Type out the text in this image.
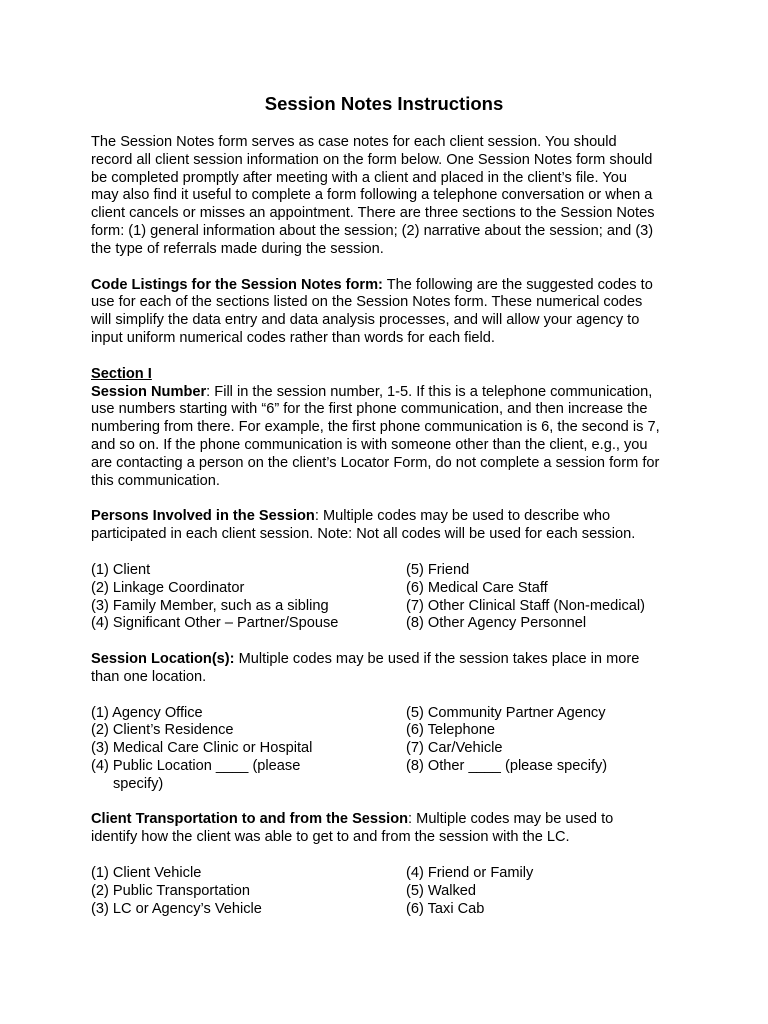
Session Notes Instructions
The Session Notes form serves as case notes for each client session. You should
record all client session information on the form below. One Session Notes form should
be completed promptly after meeting with a client and placed in the client’s file. You
may also find it useful to complete a form following a telephone conversation or when a
client cancels or misses an appointment. There are three sections to the Session Notes
form: (1) general information about the session; (2) narrative about the session; and (3)
the type of referrals made during the session.
Code Listings for the Session Notes form: The following are the suggested codes to
use for each of the sections listed on the Session Notes form. These numerical codes
will simplify the data entry and data analysis processes, and will allow your agency to
input uniform numerical codes rather than words for each field.
Section I
Session Number: Fill in the session number, 1-5. If this is a telephone communication,
use numbers starting with “6” for the first phone communication, and then increase the
numbering from there. For example, the first phone communication is 6, the second is 7,
and so on. If the phone communication is with someone other than the client, e.g., you
are contacting a person on the client’s Locator Form, do not complete a session form for
this communication.
Persons Involved in the Session: Multiple codes may be used to describe who
participated in each client session. Note: Not all codes will be used for each session.
(1) Client
(2) Linkage Coordinator
(3) Family Member, such as a sibling
(4) Significant Other – Partner/Spouse
(5) Friend
(6) Medical Care Staff
(7) Other Clinical Staff (Non-medical)
(8) Other Agency Personnel
Session Location(s): Multiple codes may be used if the session takes place in more
than one location.
(1) Agency Office
(2) Client’s Residence
(3) Medical Care Clinic or Hospital
(4) Public Location ____ (please
specify)
(5) Community Partner Agency
(6) Telephone
(7) Car/Vehicle
(8) Other ____ (please specify)
Client Transportation to and from the Session: Multiple codes may be used to
identify how the client was able to get to and from the session with the LC.
(1) Client Vehicle
(2) Public Transportation
(3) LC or Agency’s Vehicle
(4) Friend or Family
(5) Walked
(6) Taxi Cab
